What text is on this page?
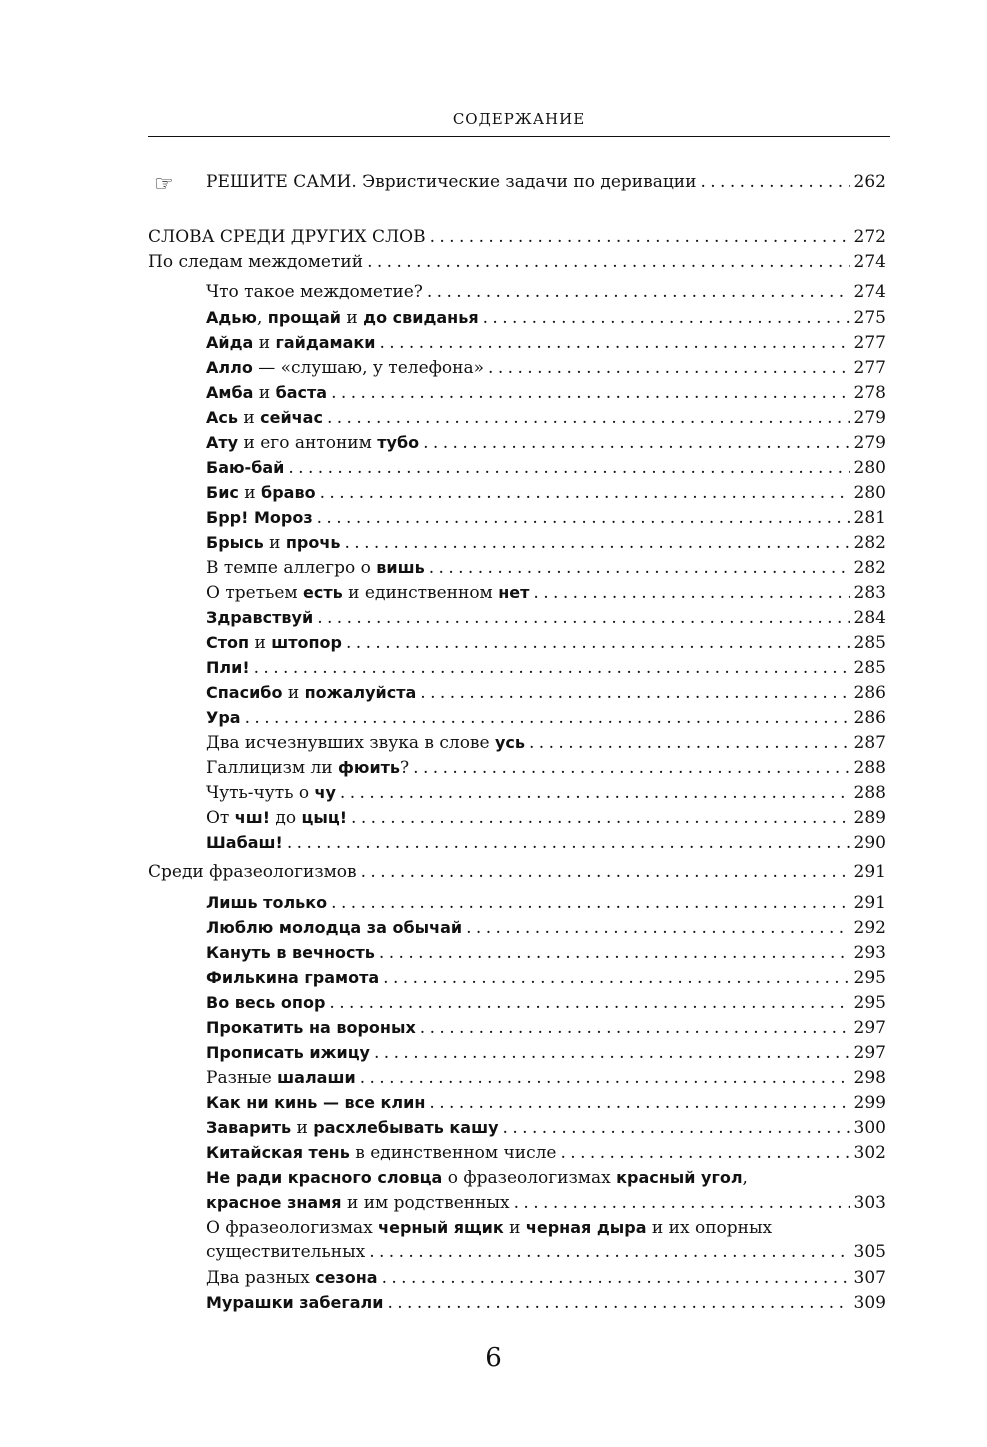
СОДЕРЖАНИЕ
☞ РЕШИТЕ САМИ. Эвристические задачи по деривации . . .	262
СЛОВА СРЕДИ ДРУГИХ СЛОВ . . .	272
По следам междометий . . .	274
Что такое междометие? . . .	274
Адью, прощай и до свиданья . . .	275
Айда и гайдамаки . . .	277
Алло — «слушаю, у телефона» . . .	277
Амба и баста . . .	278
Ась и сейчас . . .	279
Ату и его антоним тубо . . .	279
Баю-бай . . .	280
Бис и браво . . .	280
Брр! Мороз . . .	281
Брысь и прочь . . .	282
В темпе аллегро о вишь . . .	282
О третьем есть и единственном нет . . .	283
Здравствуй . . .	284
Стоп и штопор . . .	285
Пли! . . .	285
Спасибо и пожалуйста . . .	286
Ура . . .	286
Два исчезнувших звука в слове усь . . .	287
Галлицизм ли фюить? . . .	288
Чуть-чуть о чу . . .	288
От чш! до цыц! . . .	289
Шабаш! . . .	290
Среди фразеологизмов . . .	291
Лишь только . . .	291
Люблю молодца за обычай . . .	292
Кануть в вечность . . .	293
Филькина грамота . . .	295
Во весь опор . . .	295
Прокатить на вороных . . .	297
Прописать ижицу . . .	297
Разные шалаши . . .	298
Как ни кинь — все клин . . .	299
Заварить и расхлебывать кашу . . .	300
Китайская тень в единственном числе . . .	302
Не ради красного словца о фразеологизмах красный угол,
красное знамя и им родственных . . .	303
О фразеологизмах черный ящик и черная дыра и их опорных
существительных . . .	305
Два разных сезона . . .	307
Мурашки забегали . . .	309
6
